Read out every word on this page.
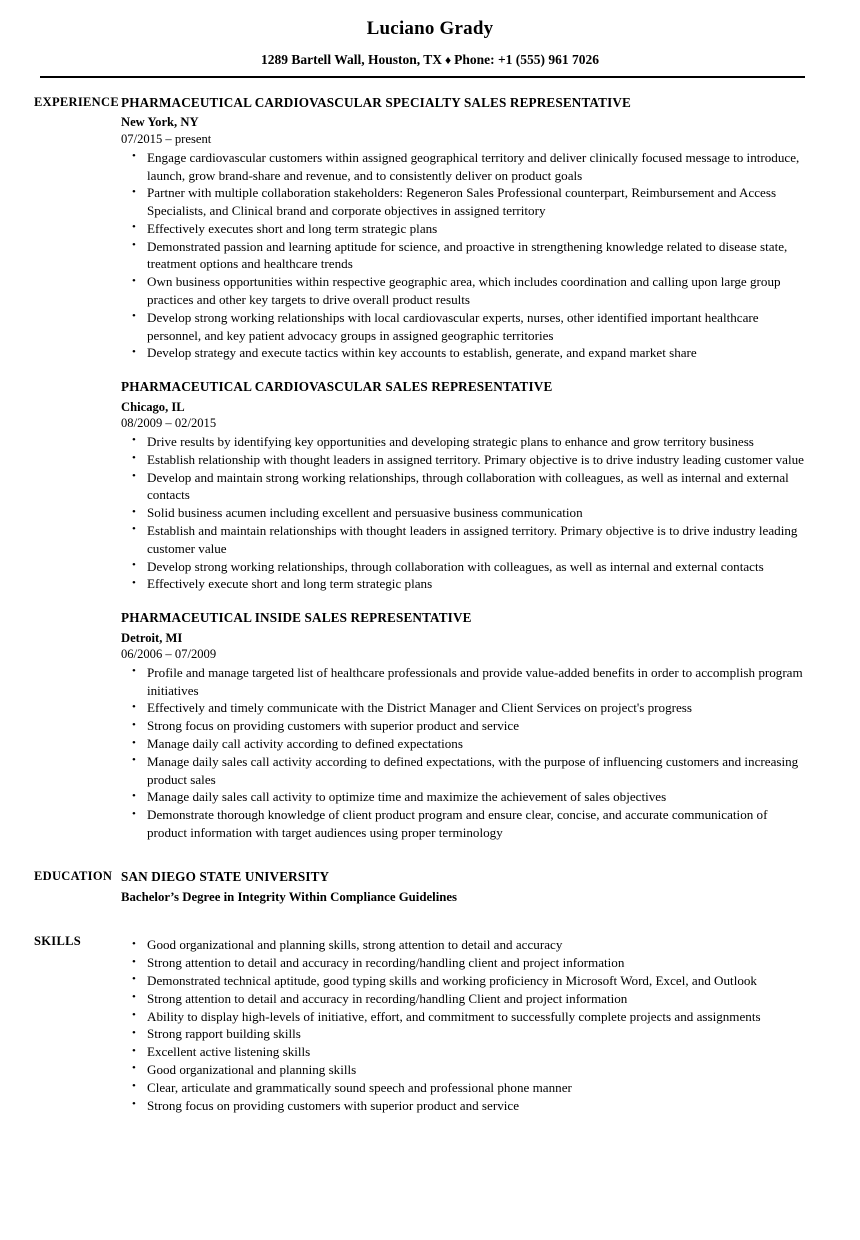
Luciano Grady
1289 Bartell Wall, Houston, TX ♦ Phone: +1 (555) 961 7026
EXPERIENCE PHARMACEUTICAL CARDIOVASCULAR SPECIALTY SALES REPRESENTATIVE
New York, NY
07/2015 – present
• Engage cardiovascular customers within assigned geographical territory and deliver clinically focused message to introduce, launch, grow brand-share and revenue, and to consistently deliver on product goals
• Partner with multiple collaboration stakeholders: Regeneron Sales Professional counterpart, Reimbursement and Access Specialists, and Clinical brand and corporate objectives in assigned territory
• Effectively executes short and long term strategic plans
• Demonstrated passion and learning aptitude for science, and proactive in strengthening knowledge related to disease state, treatment options and healthcare trends
• Own business opportunities within respective geographic area, which includes coordination and calling upon large group practices and other key targets to drive overall product results
• Develop strong working relationships with local cardiovascular experts, nurses, other identified important healthcare personnel, and key patient advocacy groups in assigned geographic territories
• Develop strategy and execute tactics within key accounts to establish, generate, and expand market share
PHARMACEUTICAL CARDIOVASCULAR SALES REPRESENTATIVE
Chicago, IL
08/2009 – 02/2015
• Drive results by identifying key opportunities and developing strategic plans to enhance and grow territory business
• Establish relationship with thought leaders in assigned territory. Primary objective is to drive industry leading customer value
• Develop and maintain strong working relationships, through collaboration with colleagues, as well as internal and external contacts
• Solid business acumen including excellent and persuasive business communication
• Establish and maintain relationships with thought leaders in assigned territory. Primary objective is to drive industry leading customer value
• Develop strong working relationships, through collaboration with colleagues, as well as internal and external contacts
• Effectively execute short and long term strategic plans
PHARMACEUTICAL INSIDE SALES REPRESENTATIVE
Detroit, MI
06/2006 – 07/2009
• Profile and manage targeted list of healthcare professionals and provide value-added benefits in order to accomplish program initiatives
• Effectively and timely communicate with the District Manager and Client Services on project's progress
• Strong focus on providing customers with superior product and service
• Manage daily call activity according to defined expectations
• Manage daily sales call activity according to defined expectations, with the purpose of influencing customers and increasing product sales
• Manage daily sales call activity to optimize time and maximize the achievement of sales objectives
• Demonstrate thorough knowledge of client product program and ensure clear, concise, and accurate communication of product information with target audiences using proper terminology
EDUCATION SAN DIEGO STATE UNIVERSITY
Bachelor’s Degree in Integrity Within Compliance Guidelines
SKILLS	• Good organizational and planning skills, strong attention to detail and accuracy
• Strong attention to detail and accuracy in recording/handling client and project information
• Demonstrated technical aptitude, good typing skills and working proficiency in Microsoft Word, Excel, and Outlook
• Strong attention to detail and accuracy in recording/handling Client and project information
• Ability to display high-levels of initiative, effort, and commitment to successfully complete projects and assignments
• Strong rapport building skills
• Excellent active listening skills
• Good organizational and planning skills
• Clear, articulate and grammatically sound speech and professional phone manner
• Strong focus on providing customers with superior product and service
